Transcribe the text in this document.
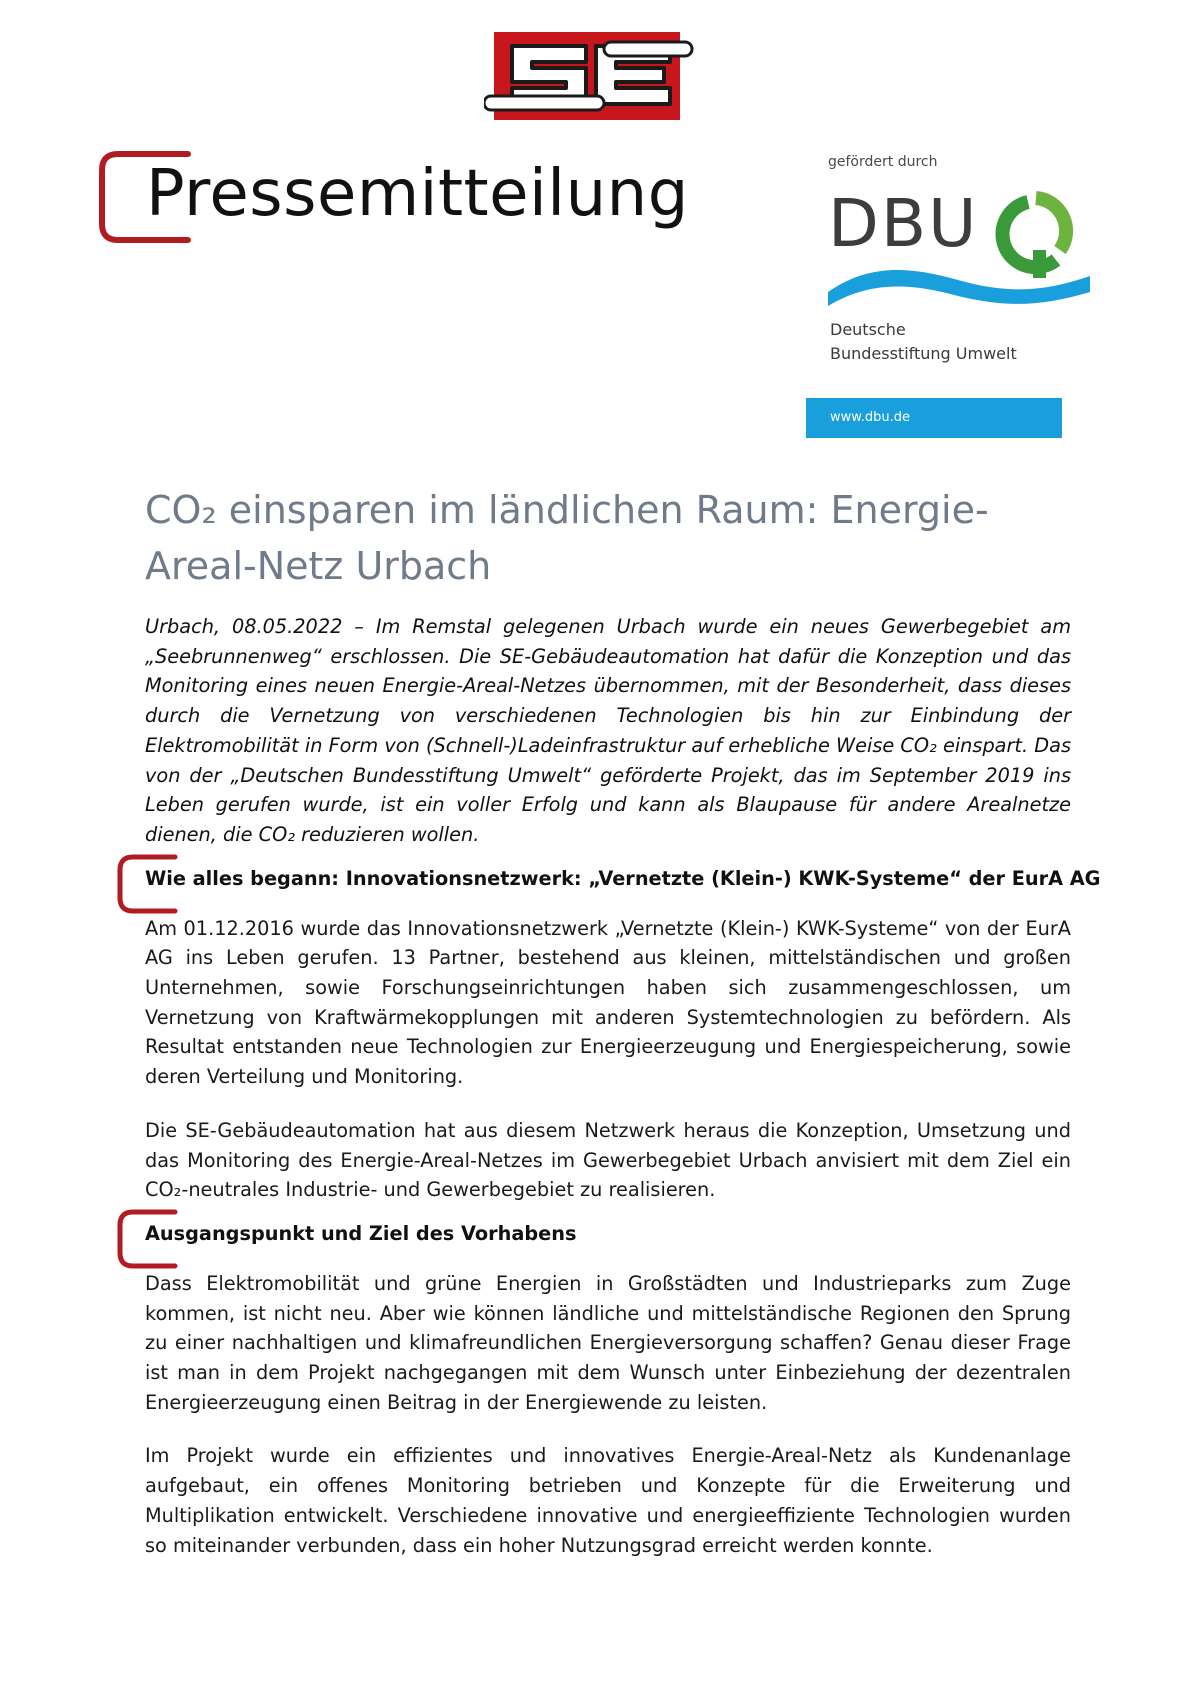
SE
Pressemitteilung	gefördert durch
DBU
Deutsche
Bundesstiftung Umwelt
www.dbu.de
CO₂ einsparen im ländlichen Raum: Energie-Areal-Netz Urbach

Urbach, 08.05.2022 – Im Remstal gelegenen Urbach wurde ein neues Gewerbegebiet am „Seebrunnenweg“ erschlossen. Die SE-Gebäudeautomation hat dafür die Konzeption und das Monitoring eines neuen Energie-Areal-Netzes übernommen, mit der Besonderheit, dass dieses durch die Vernetzung von verschiedenen Technologien bis hin zur Einbindung der Elektromobilität in Form von (Schnell-)Ladeinfrastruktur auf erhebliche Weise CO₂ einspart. Das von der „Deutschen Bundesstiftung Umwelt“ geförderte Projekt, das im September 2019 ins Leben gerufen wurde, ist ein voller Erfolg und kann als Blaupause für andere Arealnetze dienen, die CO₂ reduzieren wollen.

Wie alles begann: Innovationsnetzwerk: „Vernetzte (Klein-) KWK-Systeme“ der EurA AG

Am 01.12.2016 wurde das Innovationsnetzwerk „Vernetzte (Klein-) KWK-Systeme“ von der EurA AG ins Leben gerufen. 13 Partner, bestehend aus kleinen, mittelständischen und großen Unternehmen, sowie Forschungseinrichtungen haben sich zusammengeschlossen, um Vernetzung von Kraftwärmekopplungen mit anderen Systemtechnologien zu befördern. Als Resultat entstanden neue Technologien zur Energieerzeugung und Energiespeicherung, sowie deren Verteilung und Monitoring.

Die SE-Gebäudeautomation hat aus diesem Netzwerk heraus die Konzeption, Umsetzung und das Monitoring des Energie-Areal-Netzes im Gewerbegebiet Urbach anvisiert mit dem Ziel ein CO₂-neutrales Industrie- und Gewerbegebiet zu realisieren.

Ausgangspunkt und Ziel des Vorhabens

Dass Elektromobilität und grüne Energien in Großstädten und Industrieparks zum Zuge kommen, ist nicht neu. Aber wie können ländliche und mittelständische Regionen den Sprung zu einer nachhaltigen und klimafreundlichen Energieversorgung schaffen? Genau dieser Frage ist man in dem Projekt nachgegangen mit dem Wunsch unter Einbeziehung der dezentralen Energieerzeugung einen Beitrag in der Energiewende zu leisten.

Im Projekt wurde ein effizientes und innovatives Energie-Areal-Netz als Kundenanlage aufgebaut, ein offenes Monitoring betrieben und Konzepte für die Erweiterung und Multiplikation entwickelt. Verschiedene innovative und energieeffiziente Technologien wurden so miteinander verbunden, dass ein hoher Nutzungsgrad erreicht werden konnte.
